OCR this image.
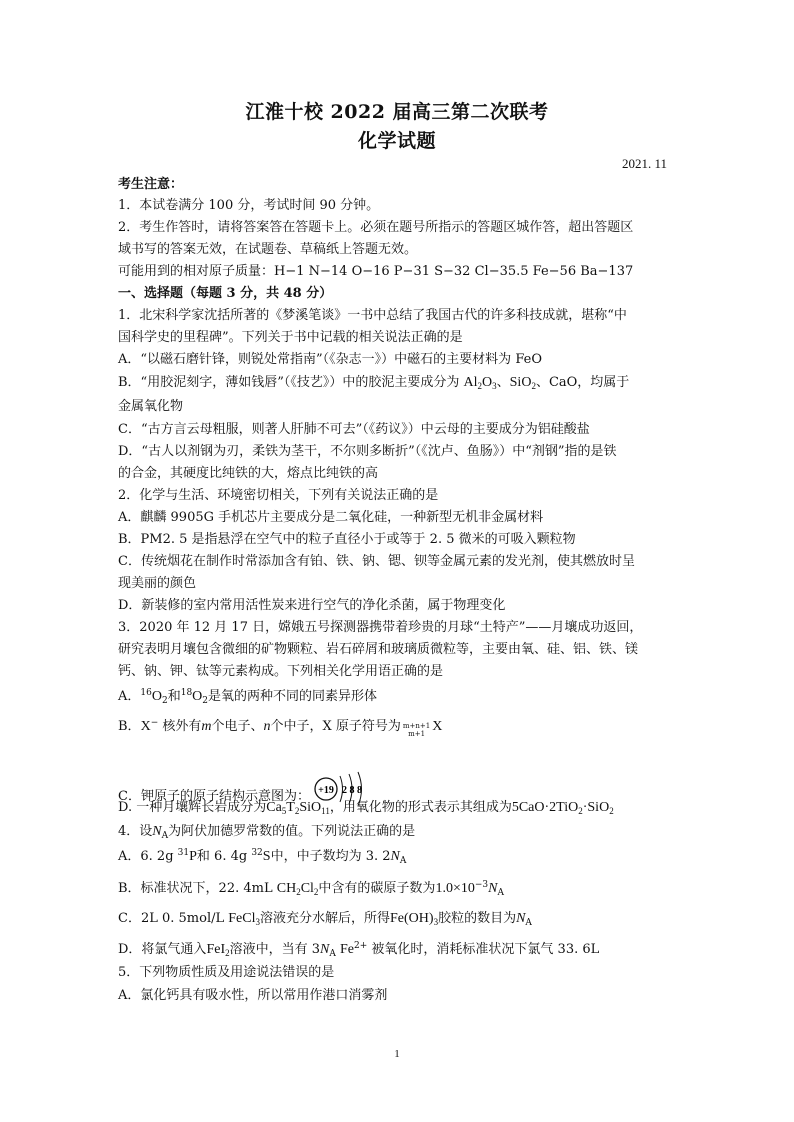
江淮十校 2022 届高三第二次联考
化学试题
2021. 11
考生注意：
1．本试卷满分 100 分，考试时间 90 分钟。
2．考生作答时，请将答案答在答题卡上。必须在题号所指示的答题区城作答，超出答题区
域书写的答案无效，在试题卷、草稿纸上答题无效。
可能用到的相对原子质量：H−1 N−14 O−16 P−31 S−32 Cl−35.5 Fe−56 Ba−137
一、选择题（每题 3 分，共 48 分）
1．北宋科学家沈括所著的《梦溪笔谈》一书中总结了我国古代的许多科技成就，堪称“中
国科学史的里程碑”。下列关于书中记载的相关说法正确的是
A．“以磁石磨针锋，则锐处常指南”（《杂志一》）中磁石的主要材料为 FeO
B．“用胶泥刻字，薄如钱唇”（《技艺》）中的胶泥主要成分为 $Al_2O_3$、SiO$_2$、CaO，均属于
金属氧化物
C．“古方言云母粗服，则著人肝肺不可去”（《药议》）中云母的主要成分为铝硅酸盐
D．“古人以剂钢为刃，柔铁为茎干，不尔则多断折”（《沈卢、鱼肠》）中“剂钢”指的是铁
的合金，其硬度比纯铁的大，熔点比纯铁的高
2．化学与生活、环境密切相关，下列有关说法正确的是
A．麒麟 9905G 手机芯片主要成分是二氧化硅，一种新型无机非金属材料
B．PM2. 5 是指悬浮在空气中的粒子直径小于或等于 2. 5 微米的可吸入颗粒物
C．传统烟花在制作时常添加含有铂、铁、钠、锶、钡等金属元素的发光剂，使其燃放时呈
现美丽的颜色
D．新装修的室内常用活性炭来进行空气的净化杀菌，属于物理变化
3．2020 年 12 月 17 日，嫦娥五号探测器携带着珍贵的月球“土特产”——月壤成功返回，
研究表明月壤包含微细的矿物颗粒、岩石碎屑和玻璃质微粒等，主要由氧、硅、铝、铁、镁
钙、钠、钾、钛等元素构成。下列相关化学用语正确的是
A．$^{16}O_2$和$^{18}O_2$是氧的两种不同的同素异形体
B．X− 核外有m个电子、n个中子，X 原子符号为 m+n+1
m+1 X
C．钾原子的原子结构示意图为： +19 2 8 8
D. 一种月壤辉长岩成分为$Ca_5T_2SiO_{11}$，用氧化物的形式表示其组成为5CaO·2TiO$_2$·SiO$_2$
4．设$N_A$为阿伏加德罗常数的值。下列说法正确的是
A．6. 2g $^{31}$P和 6. 4g $^{32}$S中，中子数均为 3. $2N_A$
B．标准状况下，22. 4mL $CH_2Cl_2$中含有的碳原子数为$1.0\times 10^{-3}N_A$
C．2L 0. 5mol/L FeCl$_3$溶液充分水解后，所得$Fe(OH)_3$胶粒的数目为$N_A$
D．将氯气通入FeI$_2$溶液中，当有 $3N_A$ $Fe^{2+}$ 被氧化时，消耗标准状况下氯气 33. 6L
5．下列物质性质及用途说法错误的是
A．氯化钙具有吸水性，所以常用作港口消雾剂
1
